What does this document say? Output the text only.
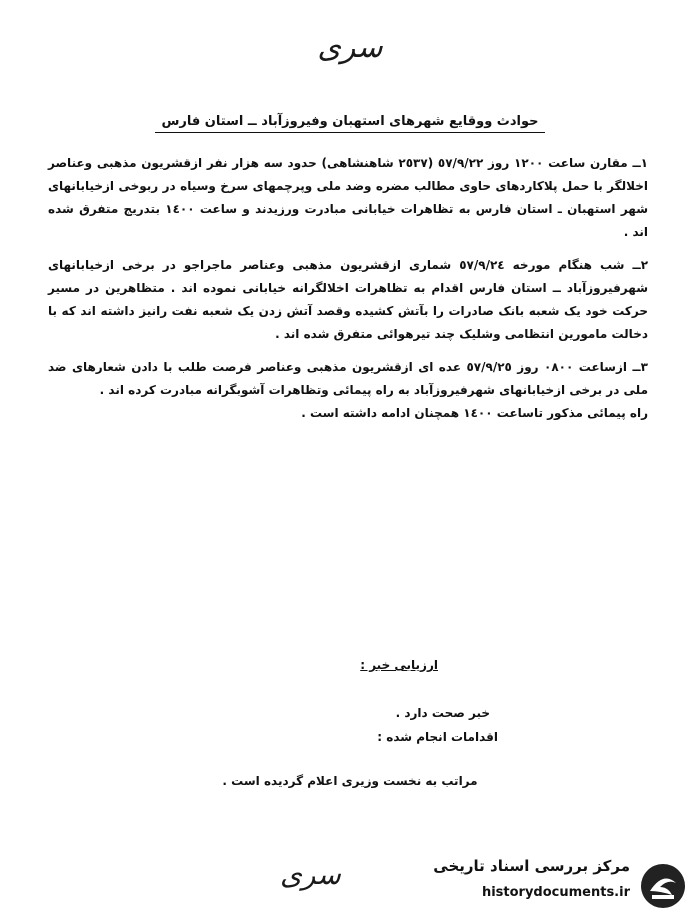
سری
حوادث ووقایع شهرهای استهبان وفیروزآباد ــ استان فارس

١ــ مقارن ساعت ١٢٠٠ روز ٥٧/٩/٢٢ (٢٥٣٧ شاهنشاهی) حدود سه هزار نفر ازقشریون مذهبی وعناصر اخلالگر با حمل پلاکاردهای حاوی مطالب مضره وضد ملی وپرچمهای سرخ وسیاه در ربوخی ازخیابانهای شهر استهبان ـ استان فارس به تظاهرات خیابانی مبادرت ورزیدند و ساعت ١٤٠٠ بتدریج متفرق شده اند .

٢ــ شب هنگام مورخه ٥٧/٩/٢٤ شماری ازقشریون مذهبی وعناصر ماجراجو در برخی ازخیابانهای شهرفیروزآباد ــ استان فارس اقدام به تظاهرات اخلالگرانه خیابانی نموده اند . متظاهرین در مسیر حرکت خود یک شعبه بانک صادرات را بآتش کشیده وقصد آتش زدن یک شعبه نفت رانیز داشته اند که با دخالت مامورین انتظامی وشلیک چند تیرهوائی متفرق شده اند .

٣ــ ازساعت ٠٨٠٠ روز ٥٧/٩/٢٥ عده ای ازقشریون مذهبی وعناصر فرصت طلب با دادن شعارهای ضد ملی در برخی ازخیابانهای شهرفیروزآباد به راه پیمائی وتظاهرات آشوبگرانه مبادرت کرده اند .

راه پیمائی مذکور تاساعت ١٤٠٠ همچنان ادامه داشته است .

ارزیابی خبر :
خبر صحت دارد .
اقدامات انجام شده :
مراتب به نخست وزیری اعلام گردیده است .
سری	مرکز بررسی اسناد تاریخی
historydocuments.ir
